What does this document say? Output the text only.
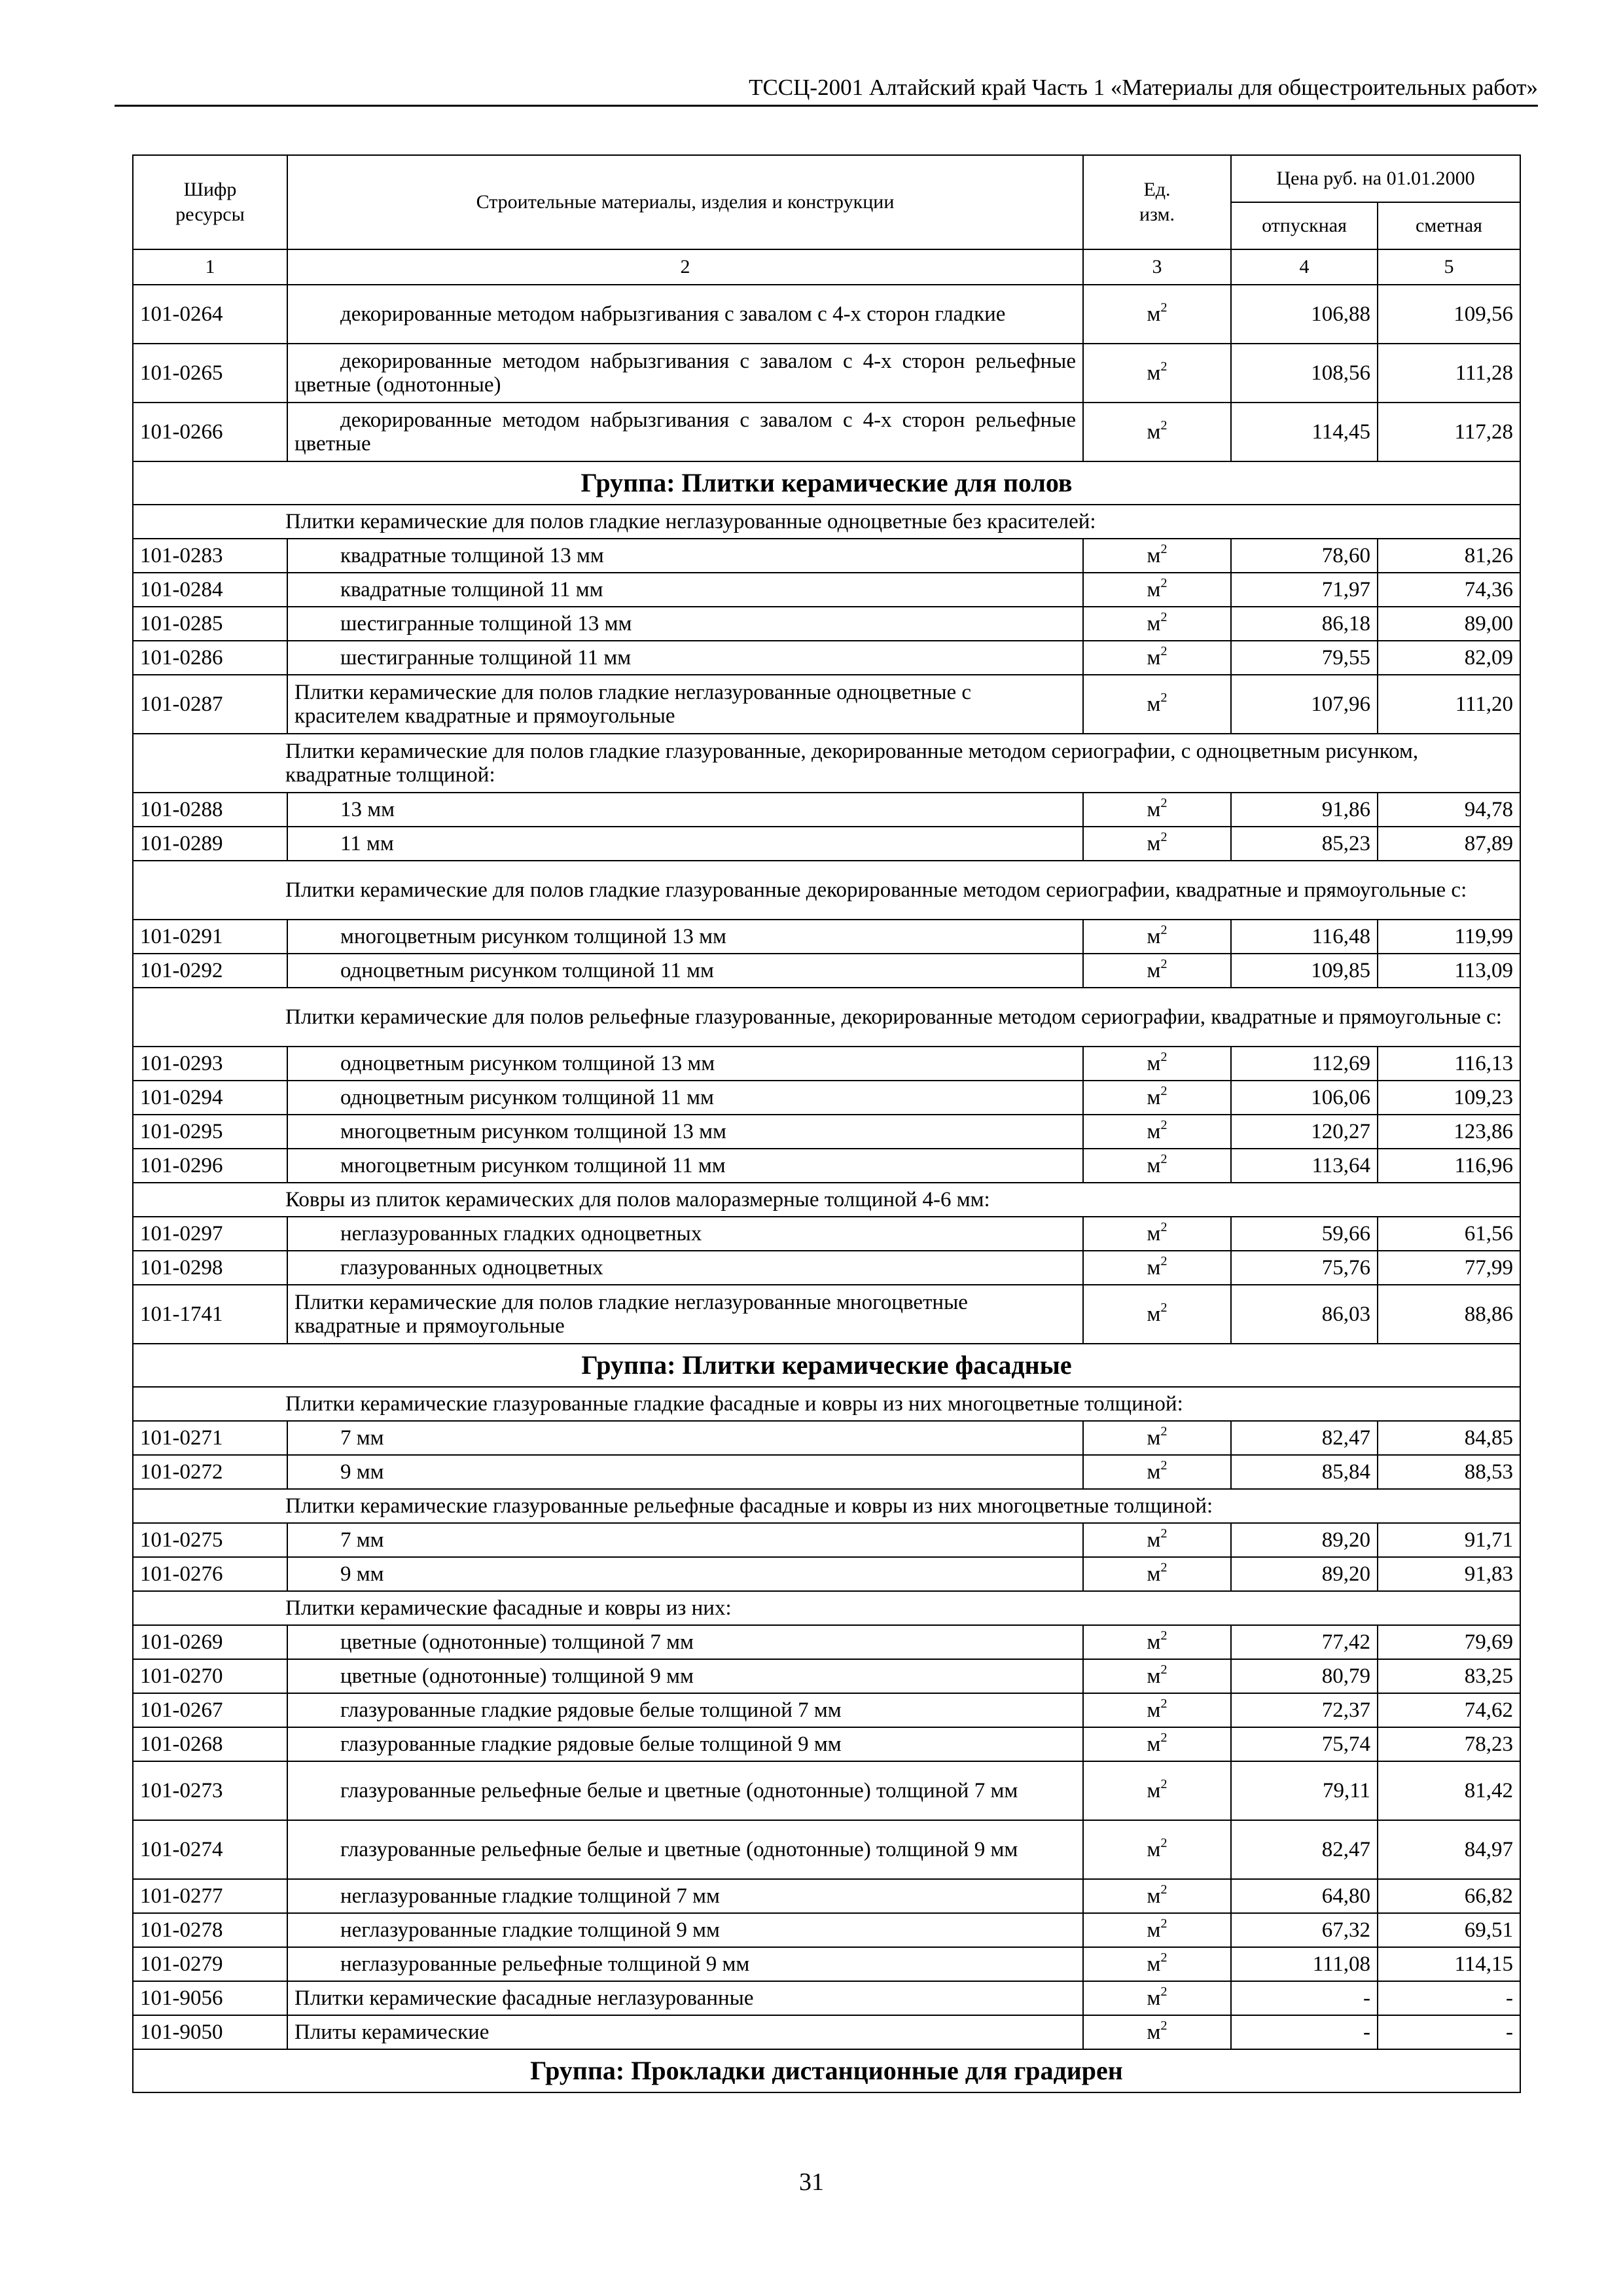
ТССЦ-2001 Алтайский край Часть 1 «Материалы для общестроительных работ»
Шифр ресурсы	Строительные материалы, изделия и конструкции	Ед. изм.	Цена руб. на 01.01.2000	
			отпускная	сметная
1	2	3	4	5
101-0264	декорированные методом набрызгивания с завалом с 4-х сторон гладкие	$м^2$	106,88	109,56
101-0265	декорированные методом набрызгивания с завалом с 4-х сторон рельефные цветные (однотонные)	$м^2$	108,56	111,28
101-0266	декорированные методом набрызгивания с завалом с 4-х сторон рельефные цветные	$м^2$	114,45	117,28
Группа: Плитки керамические для полов				
Плитки керамические для полов гладкие неглазурованные одноцветные без красителей:				
101-0283	квадратные толщиной 13 мм	$м^2$	78,60	81,26
101-0284	квадратные толщиной 11 мм	$м^2$	71,97	74,36
101-0285	шестигранные толщиной 13 мм	$м^2$	86,18	89,00
101-0286	шестигранные толщиной 11 мм	$м^2$	79,55	82,09
101-0287	Плитки керамические для полов гладкие неглазурованные одноцветные с красителем квадратные и прямоугольные	$м^2$	107,96	111,20
Плитки керамические для полов гладкие глазурованные, декорированные методом сериографии, с одноцветным рисунком, квадратные толщиной:				
101-0288	13 мм	$м^2$	91,86	94,78
101-0289	11 мм	$м^2$	85,23	87,89
Плитки керамические для полов гладкие глазурованные декорированные методом сериографии, квадратные и прямоугольные с:				
101-0291	многоцветным рисунком толщиной 13 мм	$м^2$	116,48	119,99
101-0292	одноцветным рисунком толщиной 11 мм	$м^2$	109,85	113,09
Плитки керамические для полов рельефные глазурованные, декорированные методом сериографии, квадратные и прямоугольные с:				
101-0293	одноцветным рисунком толщиной 13 мм	$м^2$	112,69	116,13
101-0294	одноцветным рисунком толщиной 11 мм	$м^2$	106,06	109,23
101-0295	многоцветным рисунком толщиной 13 мм	$м^2$	120,27	123,86
101-0296	многоцветным рисунком толщиной 11 мм	$м^2$	113,64	116,96
Ковры из плиток керамических для полов малоразмерные толщиной 4-6 мм:				
101-0297	неглазурованных гладких одноцветных	$м^2$	59,66	61,56
101-0298	глазурованных одноцветных	$м^2$	75,76	77,99
101-1741	Плитки керамические для полов гладкие неглазурованные многоцветные квадратные и прямоугольные	$м^2$	86,03	88,86
Группа: Плитки керамические фасадные				
Плитки керамические глазурованные гладкие фасадные и ковры из них многоцветные толщиной:				
101-0271	7 мм	$м^2$	82,47	84,85
101-0272	9 мм	$м^2$	85,84	88,53
Плитки керамические глазурованные рельефные фасадные и ковры из них многоцветные толщиной:				
101-0275	7 мм	$м^2$	89,20	91,71
101-0276	9 мм	$м^2$	89,20	91,83
Плитки керамические фасадные и ковры из них:				
101-0269	цветные (однотонные) толщиной 7 мм	$м^2$	77,42	79,69
101-0270	цветные (однотонные) толщиной 9 мм	$м^2$	80,79	83,25
101-0267	глазурованные гладкие рядовые белые толщиной 7 мм	$м^2$	72,37	74,62
101-0268	глазурованные гладкие рядовые белые толщиной 9 мм	$м^2$	75,74	78,23
101-0273	глазурованные рельефные белые и цветные (однотонные) толщиной 7 мм	$м^2$	79,11	81,42
101-0274	глазурованные рельефные белые и цветные (однотонные) толщиной 9 мм	$м^2$	82,47	84,97
101-0277	неглазурованные гладкие толщиной 7 мм	$м^2$	64,80	66,82
101-0278	неглазурованные гладкие толщиной 9 мм	$м^2$	67,32	69,51
101-0279	неглазурованные рельефные толщиной 9 мм	$м^2$	111,08	114,15
101-9056	Плитки керамические фасадные неглазурованные	$м^2$	-	-
101-9050	Плиты керамические	$м^2$	-	-
Группа: Прокладки дистанционные для градирен				
31
